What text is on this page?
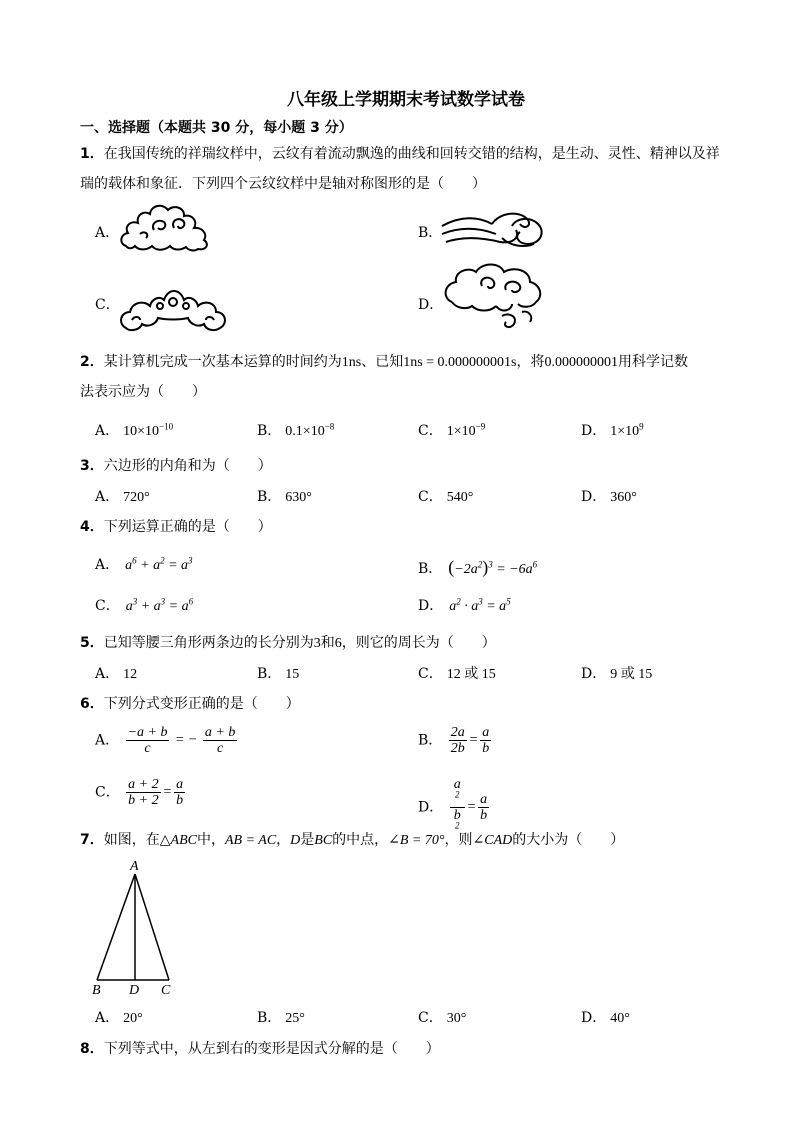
八年级上学期期末考试数学试卷
一、选择题（本题共 30 分，每小题 3 分）
1．在我国传统的祥瑞纹样中，云纹有着流动飘逸的曲线和回转交错的结构，是生动、灵性、精神以及祥
瑞的载体和象征．下列四个云纹纹样中是轴对称图形的是（　　）
A．	B．
C．	D．
2．某计算机完成一次基本运算的时间约为1ns、已知1ns = 0.000000001s，将0.000000001用科学记数
法表示应为（　　）
A． $10\times 10^{-10}$	B． $0.1\times 10^{-8}$	C． $1\times 10^{-9}$	D． $1\times 10^9$
3．六边形的内角和为（　　）
A． 720°	B． 630°	C． 540°	D． 360°
4．下列运算正确的是（　　）
A． $a^6 + a^2 = a^3$
B． $(-2a^2)^3 = -6a^6$
C． $a^3 + a^3 = a^6$	D． $a^2 \cdot a^3 = a^5$
5．已知等腰三角形两条边的长分别为3和6，则它的周长为（　　）
A． 12	B． 15	C． 12 或 15	D． 9 或 15
6．下列分式变形正确的是（　　）
A． $\frac{-a + b}{c}$ = − $\frac{a + b}{c}$	B． $\frac{2a}{2b} = \frac{a}{b}$
C． $\frac{a + 2}{b + 2} = \frac{a}{b}$	D． a
$^2$
b
$^2 = \frac{a}{b}$
7．如图，在△ABC中，AB = AC，D是BC的中点，∠B = 70°，则∠CAD的大小为（　　）
A
B D C
A． 20°	B． 25°	C． 30°	D． 40°
8．下列等式中，从左到右的变形是因式分解的是（　　）
